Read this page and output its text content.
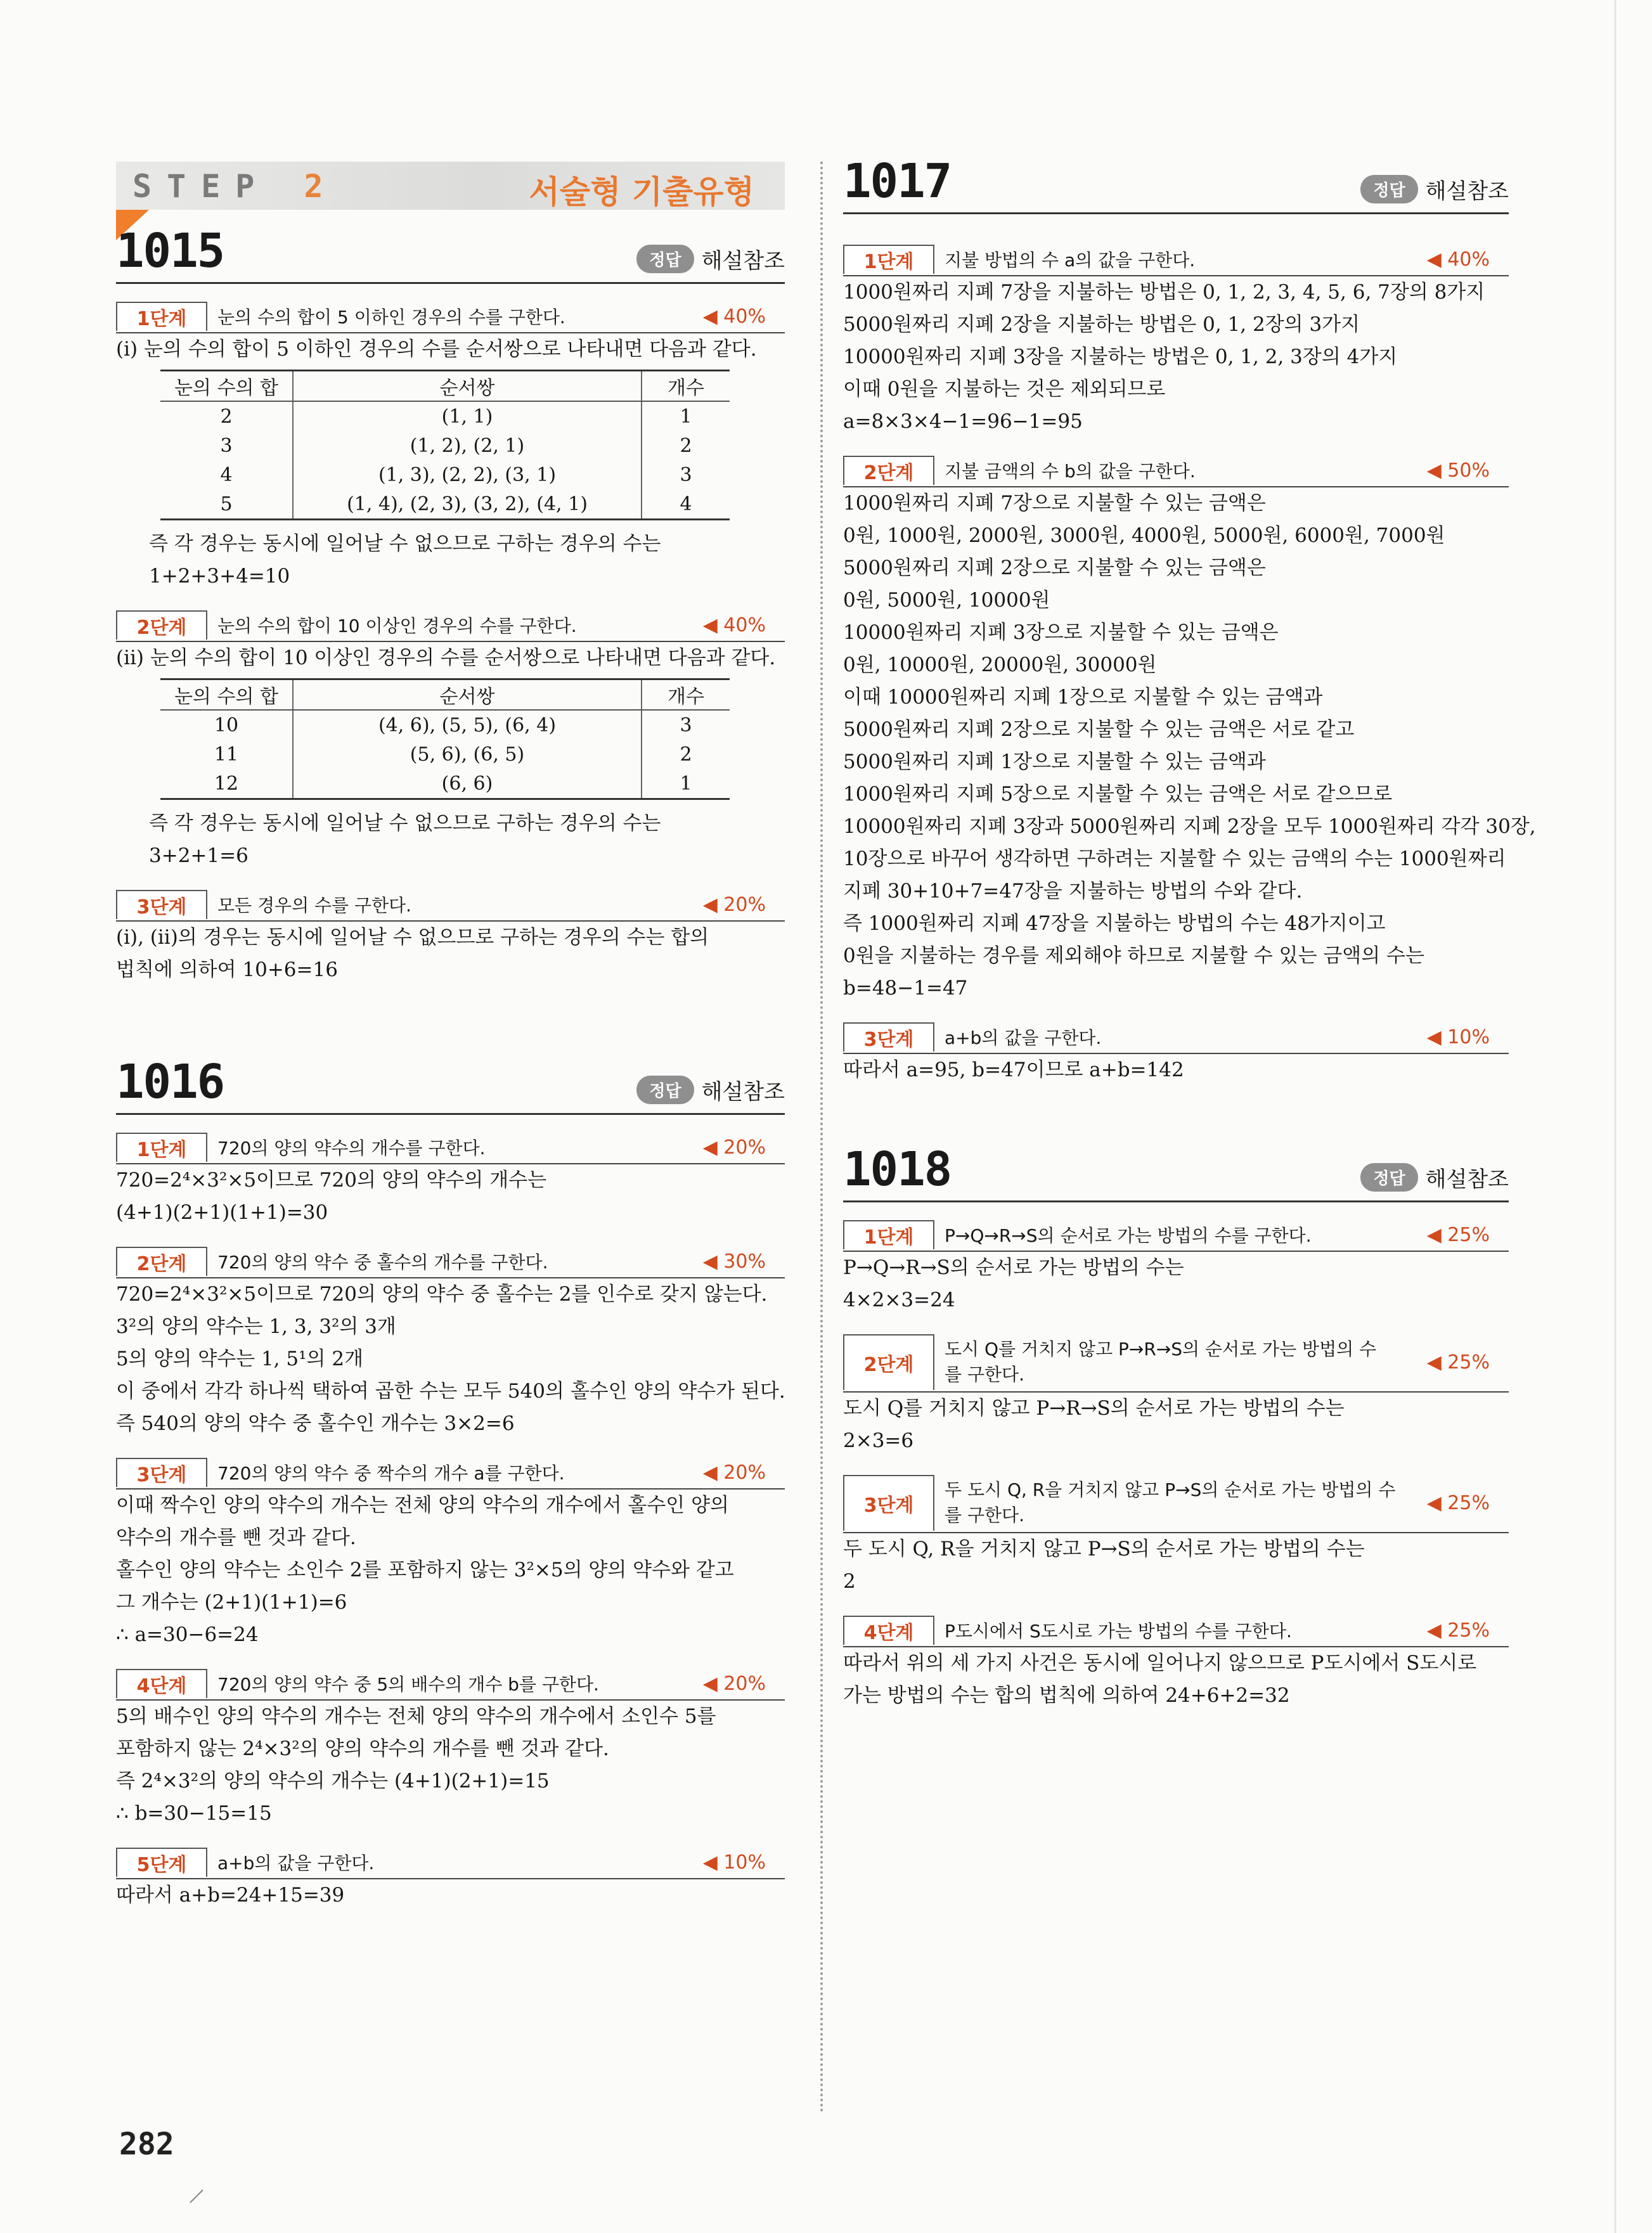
STEP 2	서술형 기출유형
1015	정답 해설참조
1단계	눈의 수의 합이 5 이하인 경우의 수를 구한다.	◀ 40%
(ⅰ) 눈의 수의 합이 5 이하인 경우의 수를 순서쌍으로 나타내면 다음과 같다.
눈의 수의 합	순서쌍	개수
2	(1, 1)	1
3	(1, 2), (2, 1)	2
4	(1, 3), (2, 2), (3, 1)	3
5	(1, 4), (2, 3), (3, 2), (4, 1)	4
즉 각 경우는 동시에 일어날 수 없으므로 구하는 경우의 수는
1+2+3+4=10
2단계	눈의 수의 합이 10 이상인 경우의 수를 구한다.	◀ 40%
(ⅱ) 눈의 수의 합이 10 이상인 경우의 수를 순서쌍으로 나타내면 다음과 같다.
눈의 수의 합	순서쌍	개수
10	(4, 6), (5, 5), (6, 4)	3
11	(5, 6), (6, 5)	2
12	(6, 6)	1
즉 각 경우는 동시에 일어날 수 없으므로 구하는 경우의 수는
3+2+1=6
3단계	모든 경우의 수를 구한다.	◀ 20%
(ⅰ), (ⅱ)의 경우는 동시에 일어날 수 없으므로 구하는 경우의 수는 합의
법칙에 의하여 10+6=16
1016	정답 해설참조
1단계	720의 양의 약수의 개수를 구한다.	◀ 20%
720=2⁴×3²×5이므로 720의 양의 약수의 개수는
(4+1)(2+1)(1+1)=30
2단계	720의 양의 약수 중 홀수의 개수를 구한다.	◀ 30%
720=2⁴×3²×5이므로 720의 양의 약수 중 홀수는 2를 인수로 갖지 않는다.
3²의 양의 약수는 1, 3, 3²의 3개
5의 양의 약수는 1, 5¹의 2개
이 중에서 각각 하나씩 택하여 곱한 수는 모두 540의 홀수인 양의 약수가 된다.
즉 540의 양의 약수 중 홀수인 개수는 3×2=6
3단계	720의 양의 약수 중 짝수의 개수 a를 구한다.	◀ 20%
이때 짝수인 양의 약수의 개수는 전체 양의 약수의 개수에서 홀수인 양의
약수의 개수를 뺀 것과 같다.
홀수인 양의 약수는 소인수 2를 포함하지 않는 3²×5의 양의 약수와 같고
그 개수는 (2+1)(1+1)=6
∴ a=30−6=24
4단계	720의 양의 약수 중 5의 배수의 개수 b를 구한다.	◀ 20%
5의 배수인 양의 약수의 개수는 전체 양의 약수의 개수에서 소인수 5를
포함하지 않는 2⁴×3²의 양의 약수의 개수를 뺀 것과 같다.
즉 2⁴×3²의 양의 약수의 개수는 (4+1)(2+1)=15
∴ b=30−15=15
5단계	a+b의 값을 구한다.	◀ 10%
따라서 a+b=24+15=39
1017	정답 해설참조
1단계	지불 방법의 수 a의 값을 구한다.	◀ 40%
1000원짜리 지폐 7장을 지불하는 방법은 0, 1, 2, 3, 4, 5, 6, 7장의 8가지
5000원짜리 지폐 2장을 지불하는 방법은 0, 1, 2장의 3가지
10000원짜리 지폐 3장을 지불하는 방법은 0, 1, 2, 3장의 4가지
이때 0원을 지불하는 것은 제외되므로
a=8×3×4−1=96−1=95
2단계	지불 금액의 수 b의 값을 구한다.	◀ 50%
1000원짜리 지폐 7장으로 지불할 수 있는 금액은
0원, 1000원, 2000원, 3000원, 4000원, 5000원, 6000원, 7000원
5000원짜리 지폐 2장으로 지불할 수 있는 금액은
0원, 5000원, 10000원
10000원짜리 지폐 3장으로 지불할 수 있는 금액은
0원, 10000원, 20000원, 30000원
이때 10000원짜리 지폐 1장으로 지불할 수 있는 금액과
5000원짜리 지폐 2장으로 지불할 수 있는 금액은 서로 같고
5000원짜리 지폐 1장으로 지불할 수 있는 금액과
1000원짜리 지폐 5장으로 지불할 수 있는 금액은 서로 같으므로
10000원짜리 지폐 3장과 5000원짜리 지폐 2장을 모두 1000원짜리 각각 30장,
10장으로 바꾸어 생각하면 구하려는 지불할 수 있는 금액의 수는 1000원짜리
지폐 30+10+7=47장을 지불하는 방법의 수와 같다.
즉 1000원짜리 지폐 47장을 지불하는 방법의 수는 48가지이고
0원을 지불하는 경우를 제외해야 하므로 지불할 수 있는 금액의 수는
b=48−1=47
3단계	a+b의 값을 구한다.	◀ 10%
따라서 a=95, b=47이므로 a+b=142
1018	정답 해설참조
1단계	P→Q→R→S의 순서로 가는 방법의 수를 구한다.	◀ 25%
P→Q→R→S의 순서로 가는 방법의 수는
4×2×3=24
2단계
도시 Q를 거치지 않고 P→R→S의 순서로 가는 방법의 수
를 구한다.
◀ 25%
도시 Q를 거치지 않고 P→R→S의 순서로 가는 방법의 수는
2×3=6
3단계
두 도시 Q, R을 거치지 않고 P→S의 순서로 가는 방법의 수
를 구한다.
◀ 25%
두 도시 Q, R을 거치지 않고 P→S의 순서로 가는 방법의 수는
2
4단계	P도시에서 S도시로 가는 방법의 수를 구한다.	◀ 25%
따라서 위의 세 가지 사건은 동시에 일어나지 않으므로 P도시에서 S도시로
가는 방법의 수는 합의 법칙에 의하여 24+6+2=32
282
